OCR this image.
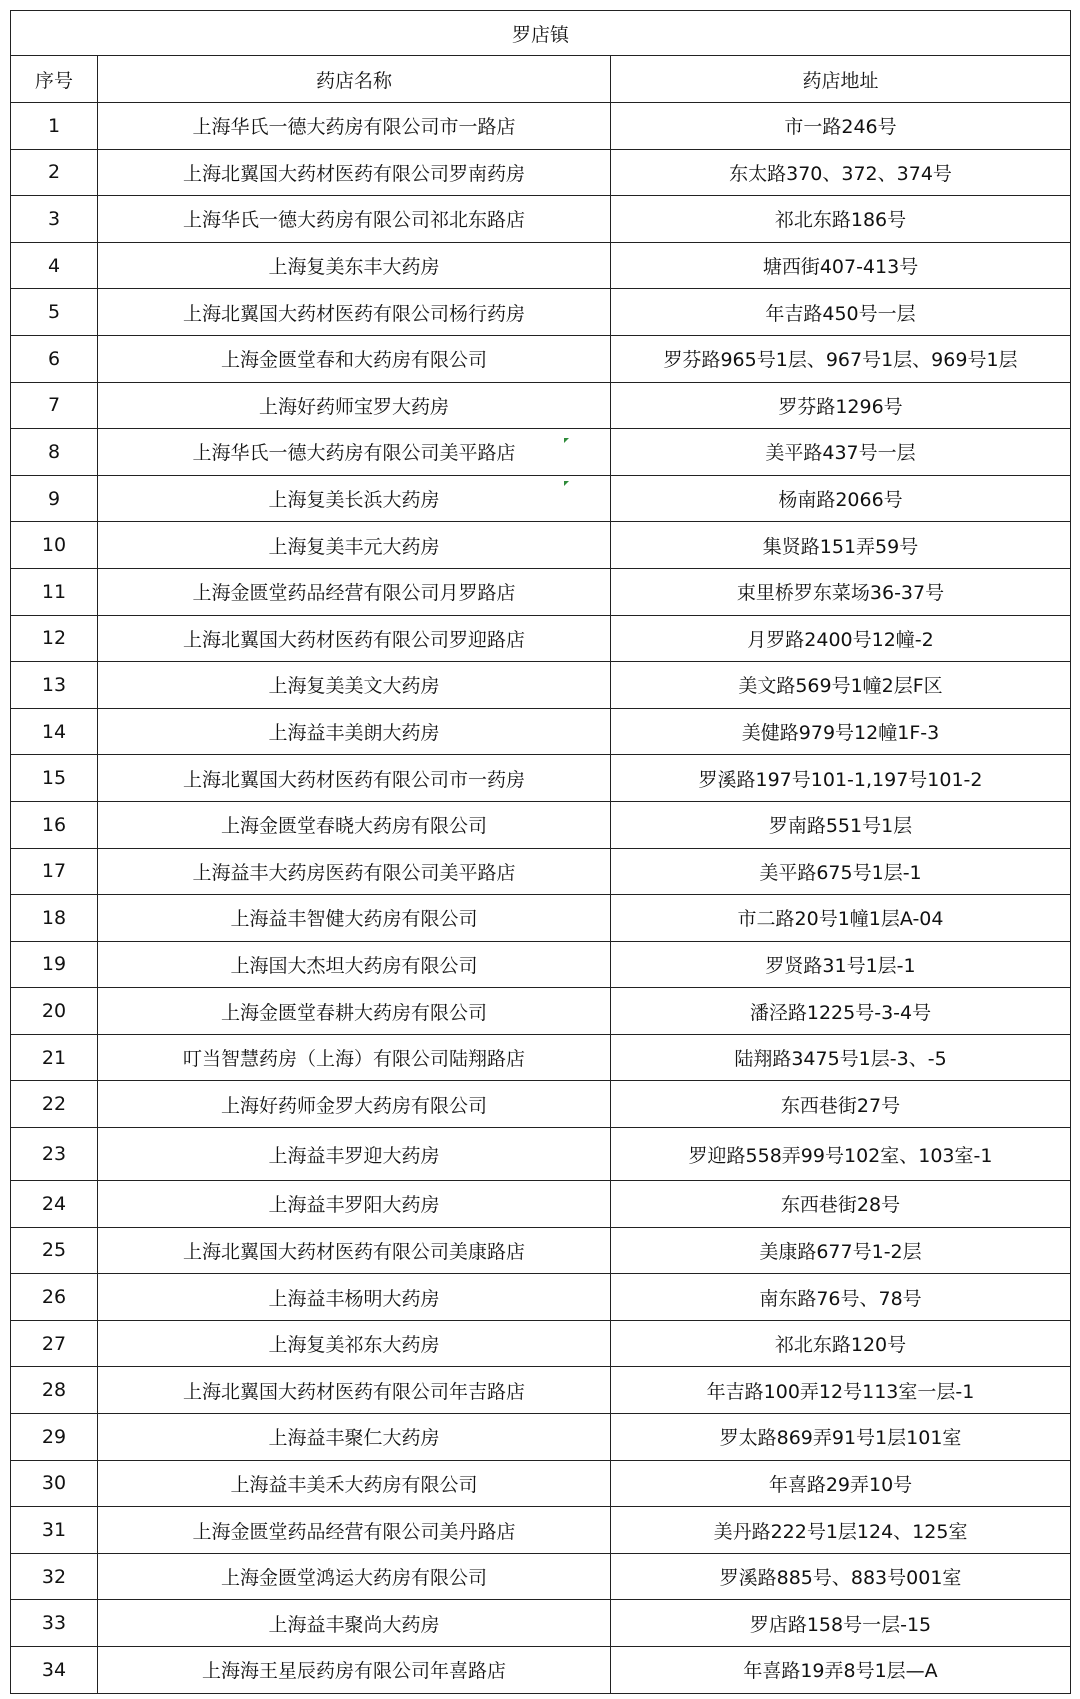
罗店镇		
序号	药店名称	药店地址
1	上海华氏一德大药房有限公司市一路店	市一路246号
2	上海北翼国大药材医药有限公司罗南药房	东太路370、372、374号
3	上海华氏一德大药房有限公司祁北东路店	祁北东路186号
4	上海复美东丰大药房	塘西街407-413号
5	上海北翼国大药材医药有限公司杨行药房	年吉路450号一层
6	上海金匮堂春和大药房有限公司	罗芬路965号1层、967号1层、969号1层
7	上海好药师宝罗大药房	罗芬路1296号
8	上海华氏一德大药房有限公司美平路店	美平路437号一层
9	上海复美长浜大药房	杨南路2066号
10	上海复美丰元大药房	集贤路151弄59号
11	上海金匮堂药品经营有限公司月罗路店	束里桥罗东菜场36-37号
12	上海北翼国大药材医药有限公司罗迎路店	月罗路2400号12幢-2
13	上海复美美文大药房	美文路569号1幢2层F区
14	上海益丰美朗大药房	美健路979号12幢1F-3
15	上海北翼国大药材医药有限公司市一药房	罗溪路197号101-1,197号101-2
16	上海金匮堂春晓大药房有限公司	罗南路551号1层
17	上海益丰大药房医药有限公司美平路店	美平路675号1层-1
18	上海益丰智健大药房有限公司	市二路20号1幢1层A-04
19	上海国大杰坦大药房有限公司	罗贤路31号1层-1
20	上海金匮堂春耕大药房有限公司	潘泾路1225号-3-4号
21	叮当智慧药房（上海）有限公司陆翔路店	陆翔路3475号1层-3、-5
22	上海好药师金罗大药房有限公司	东西巷街27号
23	上海益丰罗迎大药房	罗迎路558弄99号102室、103室-1
24	上海益丰罗阳大药房	东西巷街28号
25	上海北翼国大药材医药有限公司美康路店	美康路677号1-2层
26	上海益丰杨明大药房	南东路76号、78号
27	上海复美祁东大药房	祁北东路120号
28	上海北翼国大药材医药有限公司年吉路店	年吉路100弄12号113室一层-1
29	上海益丰聚仁大药房	罗太路869弄91号1层101室
30	上海益丰美禾大药房有限公司	年喜路29弄10号
31	上海金匮堂药品经营有限公司美丹路店	美丹路222号1层124、125室
32	上海金匮堂鸿运大药房有限公司	罗溪路885号、883号001室
33	上海益丰聚尚大药房	罗店路158号一层-15
34	上海海王星辰药房有限公司年喜路店	年喜路19弄8号1层—A
